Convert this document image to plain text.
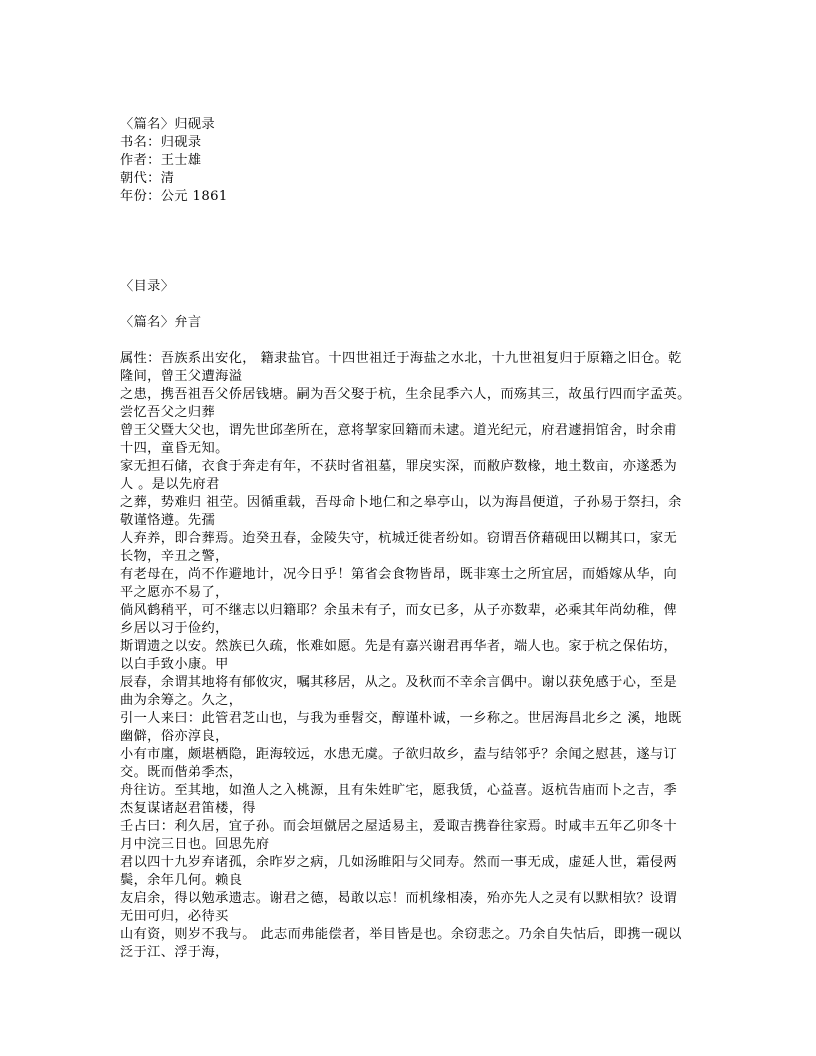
〈篇名〉归砚录
书名：归砚录
作者：王士雄
朝代：清
年份：公元 1861
〈目录〉
〈篇名〉弁言
属性：吾族系出安化， 籍隶盐官。十四世祖迁于海盐之水北，十九世祖复归于原籍之旧仓。乾
隆间，曾王父遭海溢
之患，携吾祖吾父侨居钱塘。嗣为吾父娶于杭，生余昆季六人，而殇其三，故虽行四而字孟英。
尝忆吾父之归葬
曾王父暨大父也，谓先世邱垄所在，意将挈家回籍而未逮。道光纪元，府君遽捐馆舍，时余甫
十四，童昏无知。
家无担石储，衣食于奔走有年，不获时省祖墓，罪戾实深，而敝庐数椽，地土数亩，亦遂悉为
人 。是以先府君
之葬，势难归 祖茔。因循重载，吾母命卜地仁和之皋亭山，以为海昌便道，子孙易于祭扫，余
敬谨恪遵。先孺
人弃养，即合葬焉。迨癸丑春，金陵失守，杭城迁徙者纷如。窃谓吾侪藉砚田以糊其口，家无
长物，辛丑之警，
有老母在，尚不作避地计，况今日乎！第省会食物皆昂，既非寒士之所宜居，而婚嫁从华，向
平之愿亦不易了，
倘风鹤稍平，可不继志以归籍耶？余虽未有子，而女已多，从子亦数辈，必乘其年尚幼稚，俾
乡居以习于俭约，
斯谓遗之以安。然族已久疏，怅难如愿。先是有嘉兴谢君再华者，端人也。家于杭之保佑坊，
以白手致小康。甲
辰春，余谓其地将有郁攸灾，嘱其移居，从之。及秋而不幸余言偶中。谢以获免感于心，至是
曲为余筹之。久之，
引一人来曰：此管君芝山也，与我为垂髫交，醇谨朴诚，一乡称之。世居海昌北乡之 溪，地既
幽僻，俗亦淳良，
小有市廛，颇堪栖隐，距海较远，水患无虞。子欲归故乡，盍与结邻乎？余闻之慰甚，遂与订
交。既而偕弟季杰，
舟往访。至其地，如渔人之入桃源，且有朱姓旷宅，愿我赁，心益喜。返杭告庙而卜之吉，季
杰复谋诸赵君笛楼，得
壬占曰：利久居，宜子孙。而会垣僦居之屋适易主，爰诹吉携眷往家焉。时咸丰五年乙卯冬十
月中浣三日也。回思先府
君以四十九岁弃诸孤，余昨岁之病，几如汤睢阳与父同寿。然而一事无成，虚延人世，霜侵两
鬓，余年几何。赖良
友启余，得以勉承遗志。谢君之德，曷敢以忘！而机缘相凑，殆亦先人之灵有以默相欤？设谓
无田可归，必待买
山有资，则岁不我与。 此志而弗能偿者，举目皆是也。余窃悲之。乃余自失怙后，即携一砚以
泛于江、浮于海，
